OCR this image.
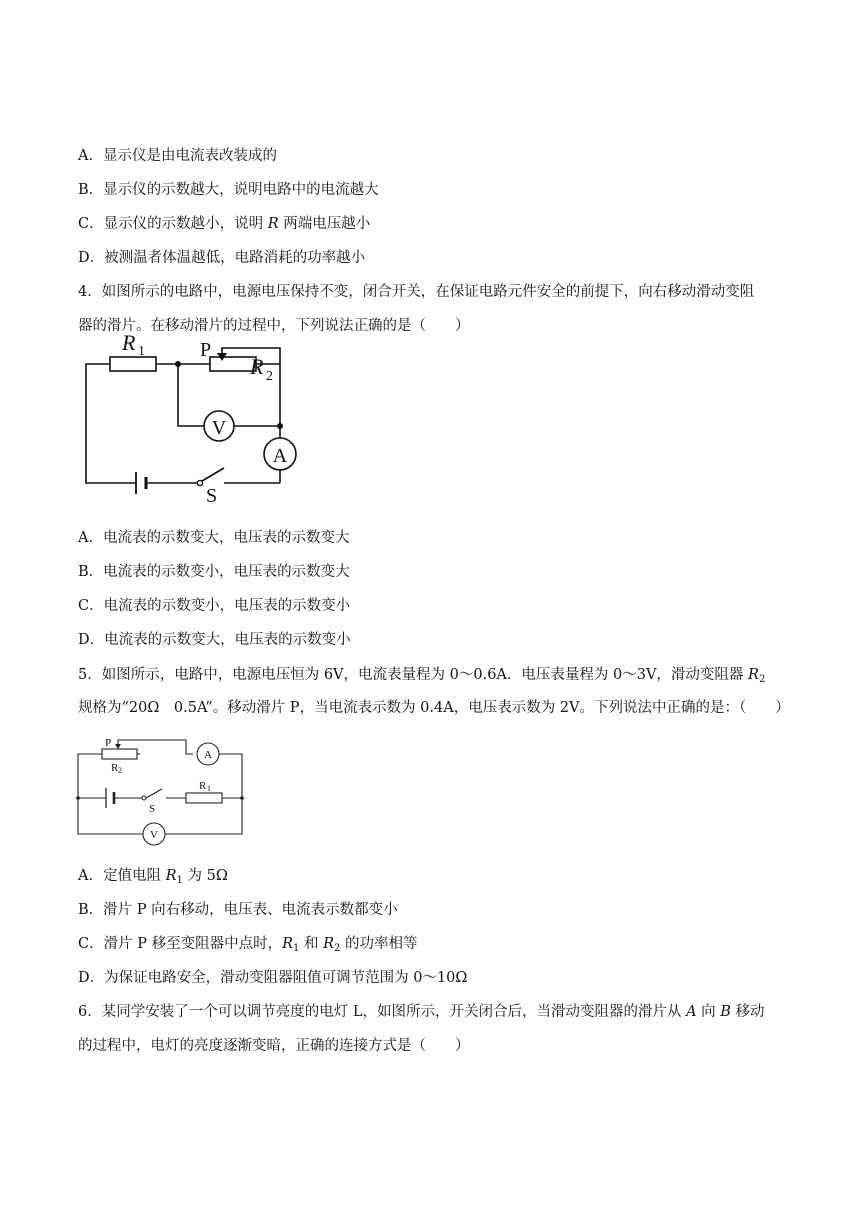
A．显示仪是由电流表改装成的
B．显示仪的示数越大，说明电路中的电流越大
C．显示仪的示数越小，说明 R 两端电压越小
D．被测温者体温越低，电路消耗的功率越小
4．如图所示的电路中，电源电压保持不变，闭合开关，在保证电路元件安全的前提下，向右移动滑动变阻
器的滑片。在移动滑片的过程中，下列说法正确的是（　　）
R 1	P
R 2
V
A
S
A．电流表的示数变大，电压表的示数变大
B．电流表的示数变小，电压表的示数变大
C．电流表的示数变小，电压表的示数变小
D．电流表的示数变大，电压表的示数变小
5．如图所示，电路中，电源电压恒为 6V，电流表量程为 0～0.6A．电压表量程为 0～3V，滑动变阻器 $R_2$
规格为“20Ω　0.5A”。移动滑片 P，当电流表示数为 0.4A，电压表示数为 2V。下列说法中正确的是：（　　）
P
R 2
A
S
R 1
V
A．定值电阻 $R_1$ 为 5Ω
B．滑片 P 向右移动，电压表、电流表示数都变小
C．滑片 P 移至变阻器中点时，$R_1$ 和 $R_2$ 的功率相等
D．为保证电路安全，滑动变阻器阻值可调节范围为 0～10Ω
6．某同学安装了一个可以调节亮度的电灯 L，如图所示，开关闭合后，当滑动变阻器的滑片从 A 向 B 移动
的过程中，电灯的亮度逐渐变暗，正确的连接方式是（　　）
